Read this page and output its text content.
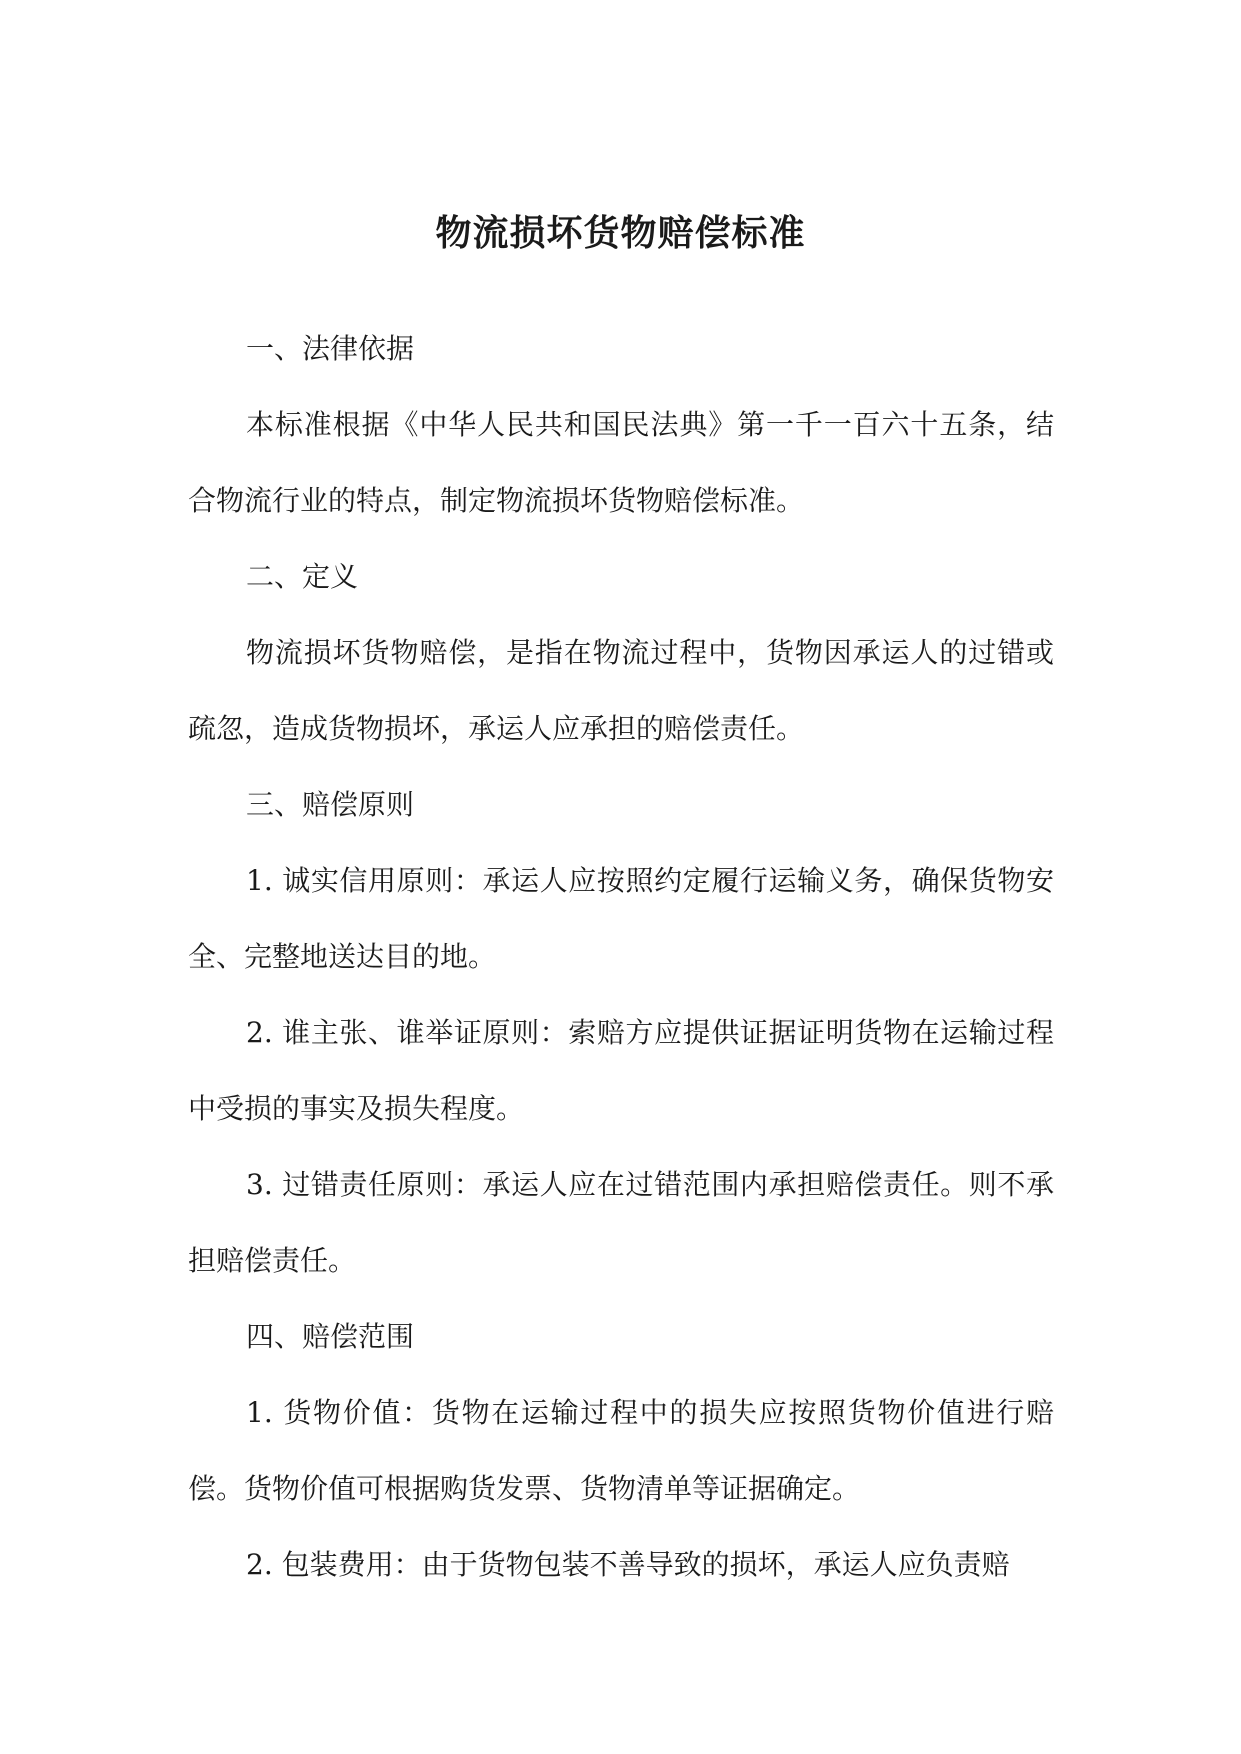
物流损坏货物赔偿标准

一、法律依据

本标准根据《中华人民共和国民法典》第一千一百六十五条，结合物流行业的特点，制定物流损坏货物赔偿标准。

二、定义

物流损坏货物赔偿，是指在物流过程中，货物因承运人的过错或疏忽，造成货物损坏，承运人应承担的赔偿责任。

三、赔偿原则

1. 诚实信用原则：承运人应按照约定履行运输义务，确保货物安全、完整地送达目的地。

2. 谁主张、谁举证原则：索赔方应提供证据证明货物在运输过程中受损的事实及损失程度。

3. 过错责任原则：承运人应在过错范围内承担赔偿责任。则不承担赔偿责任。

四、赔偿范围

1. 货物价值：货物在运输过程中的损失应按照货物价值进行赔偿。货物价值可根据购货发票、货物清单等证据确定。

2. 包装费用：由于货物包装不善导致的损坏，承运人应负责赔
